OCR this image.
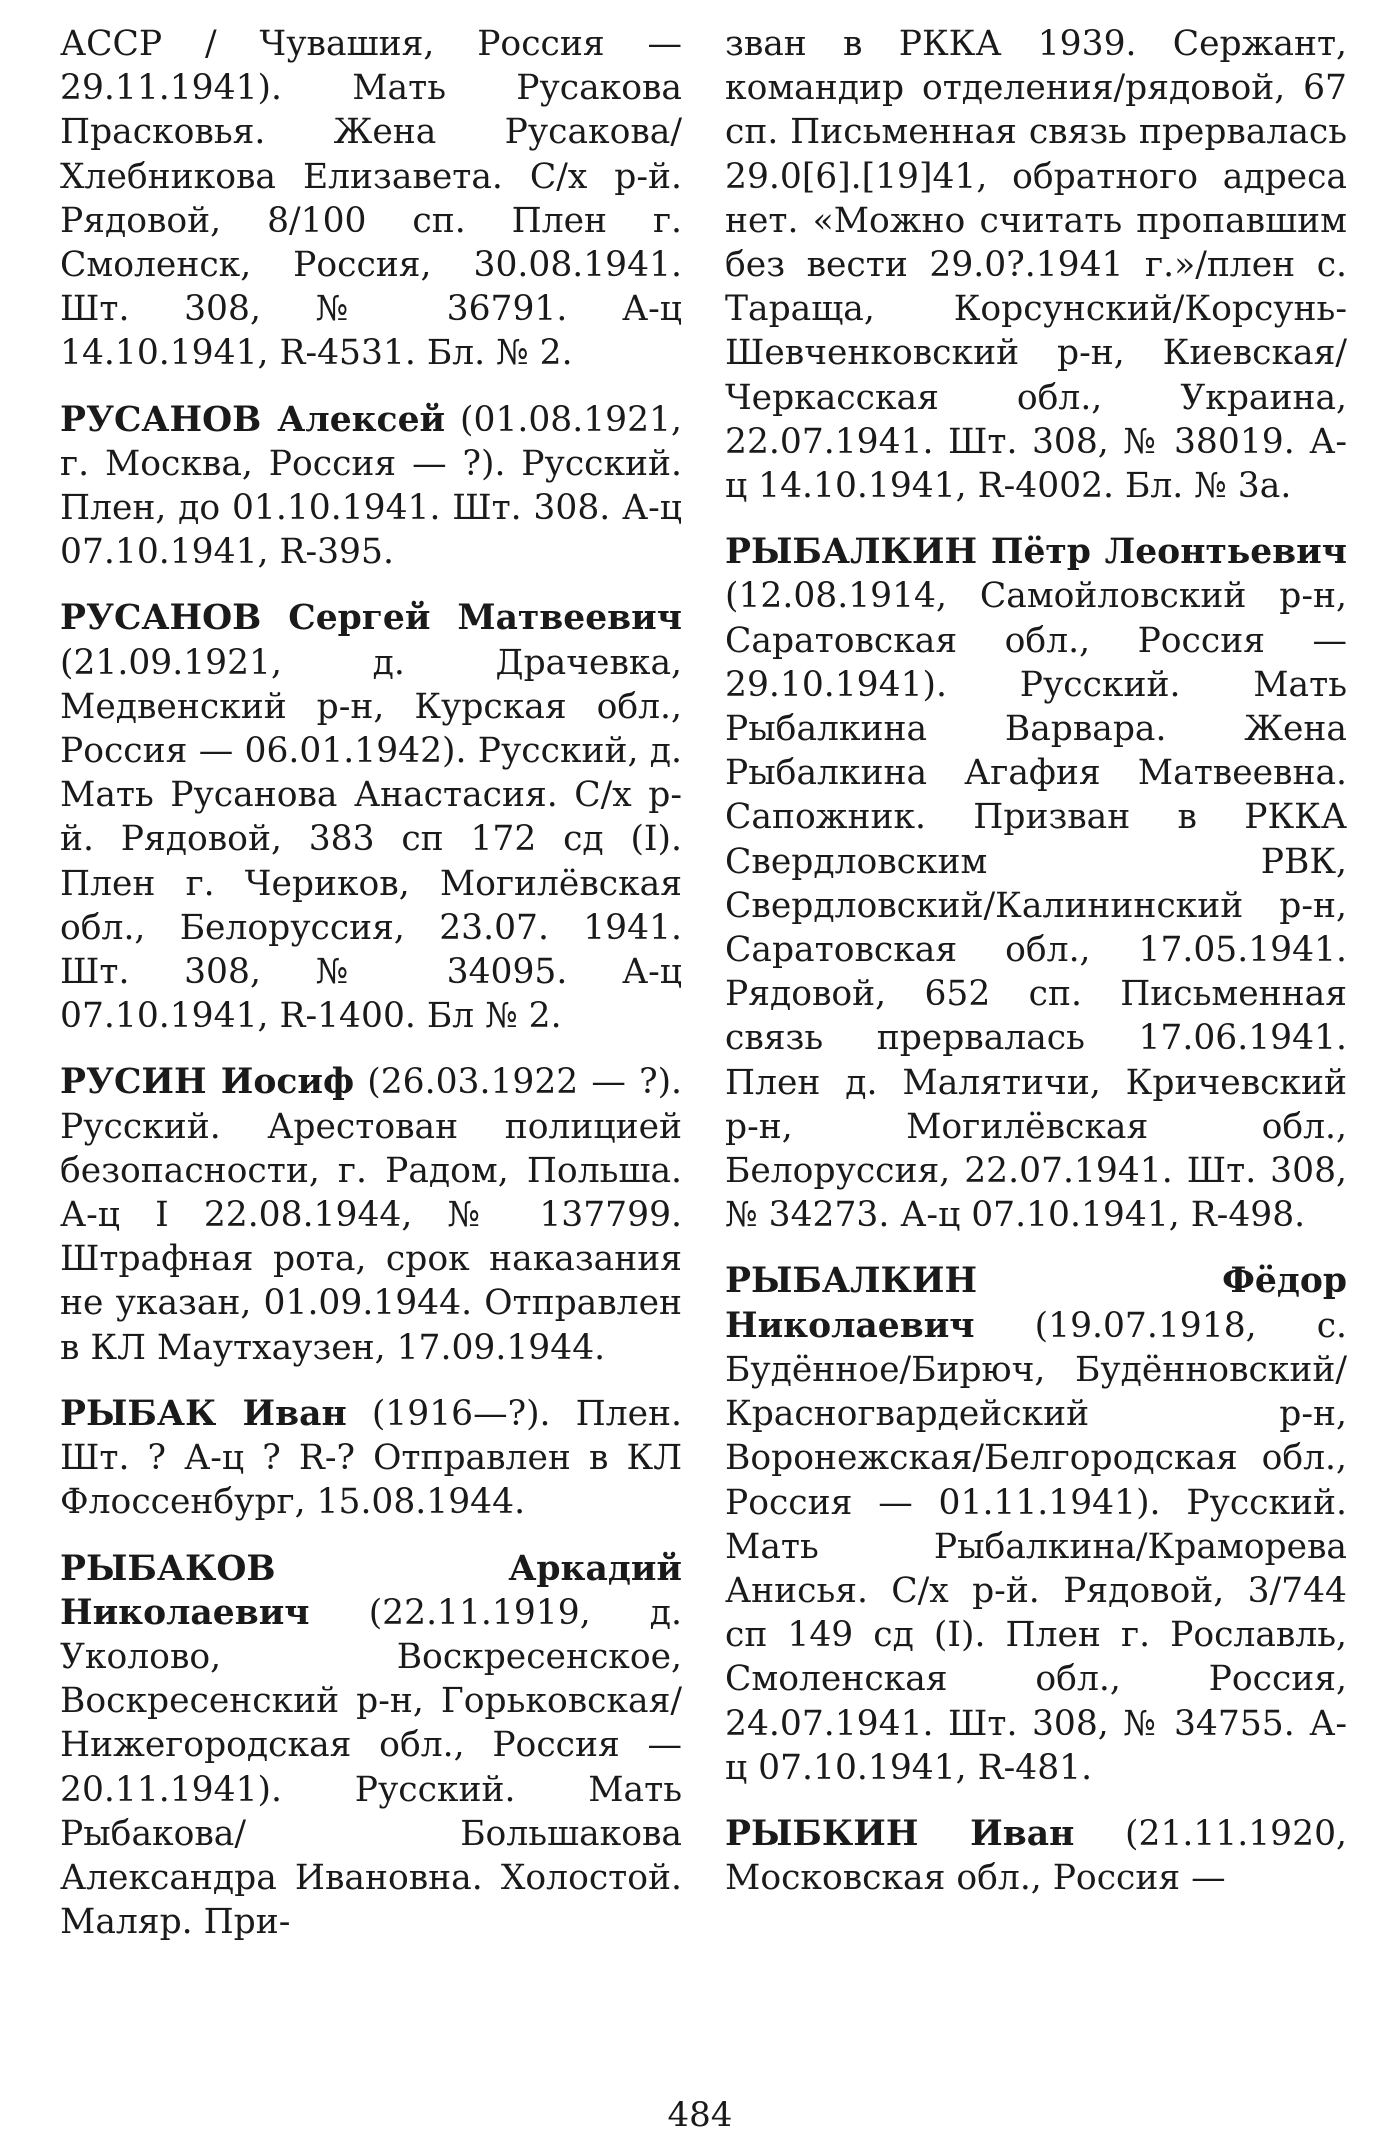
АССР / Чувашия, Россия — 29.11.1941). Мать Русакова Прасковья. Жена Русакова/ Хлебникова Елизавета. С/х р-й. Рядовой, 8/100 сп. Плен г. Смоленск, Россия, 30.08.1941. Шт. 308, № 36791. А-ц 14.10.1941, R-4531. Бл. № 2.

РУСАНОВ Алексей (01.08.1921, г. Москва, Россия — ?). Русский. Плен, до 01.10.1941. Шт. 308. А-ц 07.10.1941, R-395.

РУСАНОВ Сергей Матвеевич (21.09.1921, д. Драчевка, Медвенский р-н, Курская обл., Россия — 06.01.1942). Русский, д. Мать Русанова Анастасия. С/х р-й. Рядовой, 383 сп 172 сд (I). Плен г. Чериков, Могилёвская обл., Белоруссия, 23.07. 1941. Шт. 308, № 34095. А-ц 07.10.1941, R-1400. Бл № 2.

РУСИН Иосиф (26.03.1922 — ?). Русский. Арестован полицией безопасности, г. Радом, Польша. А-ц I 22.08.1944, № 137799. Штрафная рота, срок наказания не указан, 01.09.1944. Отправлен в КЛ Маутхаузен, 17.09.1944.

РЫБАК Иван (1916—?). Плен. Шт. ? А-ц ? R-? Отправлен в КЛ Флоссенбург, 15.08.1944.

РЫБАКОВ Аркадий Николаевич (22.11.1919, д. Уколово, Воскресенское, Воскресенский р-н, Горьковская/Нижегородская обл., Россия — 20.11.1941). Русский. Мать Рыбакова/ Большакова Александра Ивановна. Холостой. Маляр. При-

зван в РККА 1939. Сержант, командир отделения/рядовой, 67 сп. Письменная связь прервалась 29.0[6].[19]41, обратного адреса нет. «Можно считать пропавшим без вести 29.0?.1941 г.»/плен с. Таращa, Корсунский/Корсунь-Шевченковский р-н, Киевская/Черкасская обл., Украина, 22.07.1941. Шт. 308, № 38019. А-ц 14.10.1941, R-4002. Бл. № 3а.

РЫБАЛКИН Пётр Леонтьевич (12.08.1914, Самойловский р-н, Саратовская обл., Россия — 29.10.1941). Русский. Мать Рыбалкина Варвара. Жена Рыбалкина Агафия Матвеевна. Сапожник. Призван в РККА Свердловским РВК, Свердловский/Калининский р-н, Саратовская обл., 17.05.1941. Рядовой, 652 сп. Письменная связь прервалась 17.06.1941. Плен д. Малятичи, Кричевский р-н, Могилёвская обл., Белоруссия, 22.07.1941. Шт. 308, № 34273. А-ц 07.10.1941, R-498.

РЫБАЛКИН Фёдор Николаевич (19.07.1918, с. Будённое/Бирюч, Будённовский/ Красногвардейский р-н, Воронежская/Белгородская обл., Россия — 01.11.1941). Русский. Мать Рыбалкина/Краморева Анисья. С/х р-й. Рядовой, 3/744 сп 149 сд (I). Плен г. Рославль, Смоленская обл., Россия, 24.07.1941. Шт. 308, № 34755. А-ц 07.10.1941, R-481.

РЫБКИН Иван (21.11.1920, Московская обл., Россия —

484
